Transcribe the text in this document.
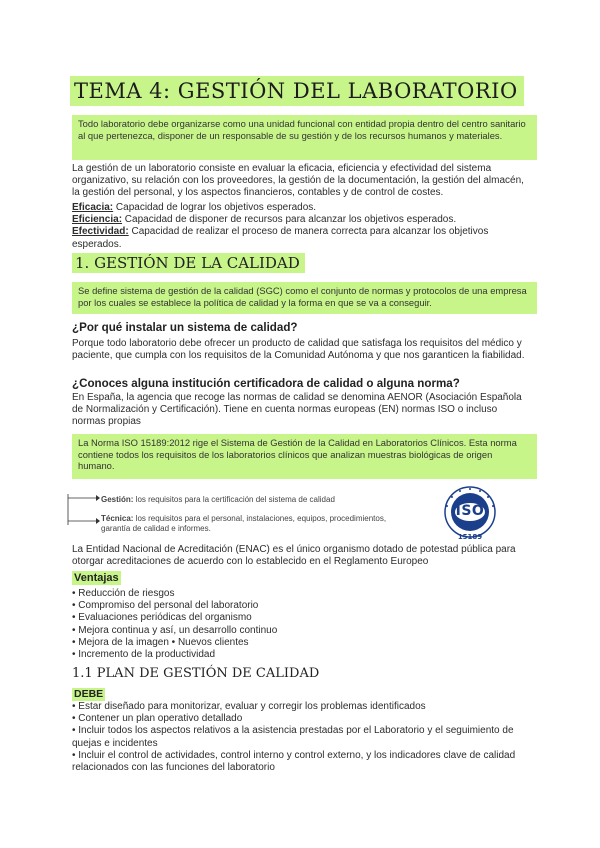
TEMA 4: GESTIÓN DEL LABORATORIO
Todo laboratorio debe organizarse como una unidad funcional con entidad propia dentro del centro sanitario al que pertenezca, disponer de un responsable de su gestión y de los recursos humanos y materiales.
La gestión de un laboratorio consiste en evaluar la eficacia, eficiencia y efectividad del sistema organizativo, su relación con los proveedores, la gestión de la documentación, la gestión del almacén, la gestión del personal, y los aspectos financieros, contables y de control de costes.
Eficacia: Capacidad de lograr los objetivos esperados.
Eficiencia: Capacidad de disponer de recursos para alcanzar los objetivos esperados.
Efectividad: Capacidad de realizar el proceso de manera correcta para alcanzar los objetivos esperados.
1. GESTIÓN DE LA CALIDAD
Se define sistema de gestión de la calidad (SGC) como el conjunto de normas y protocolos de una empresa por los cuales se establece la política de calidad y la forma en que se va a conseguir.
¿Por qué instalar un sistema de calidad?
Porque todo laboratorio debe ofrecer un producto de calidad que satisfaga los requisitos del médico y paciente, que cumpla con los requisitos de la Comunidad Autónoma y que nos garanticen la fiabilidad.
¿Conoces alguna institución certificadora de calidad o alguna norma?
En España, la agencia que recoge las normas de calidad se denomina AENOR (Asociación Española de Normalización y Certificación). Tiene en cuenta normas europeas (EN) normas ISO o incluso normas propias
La Norma ISO 15189:2012 rige el Sistema de Gestión de la Calidad en Laboratorios Clínicos. Esta norma contiene todos los requisitos de los laboratorios clínicos que analizan muestras biológicas de origen humano.
Gestión: los requisitos para la certificación del sistema de calidad
Técnica: los requisitos para el personal, instalaciones, equipos, procedimientos, garantía de calidad e informes.
ISO
15189
La Entidad Nacional de Acreditación (ENAC) es el único organismo dotado de potestad pública para otorgar acreditaciones de acuerdo con lo establecido en el Reglamento Europeo
Ventajas
• Reducción de riesgos
• Compromiso del personal del laboratorio
• Evaluaciones periódicas del organismo
• Mejora continua y así, un desarrollo continuo
• Mejora de la imagen • Nuevos clientes
• Incremento de la productividad
1.1 PLAN DE GESTIÓN DE CALIDAD
DEBE
• Estar diseñado para monitorizar, evaluar y corregir los problemas identificados
• Contener un plan operativo detallado
• Incluir todos los aspectos relativos a la asistencia prestadas por el Laboratorio y el seguimiento de quejas e incidentes
• Incluir el control de actividades, control interno y control externo, y los indicadores clave de calidad relacionados con las funciones del laboratorio
